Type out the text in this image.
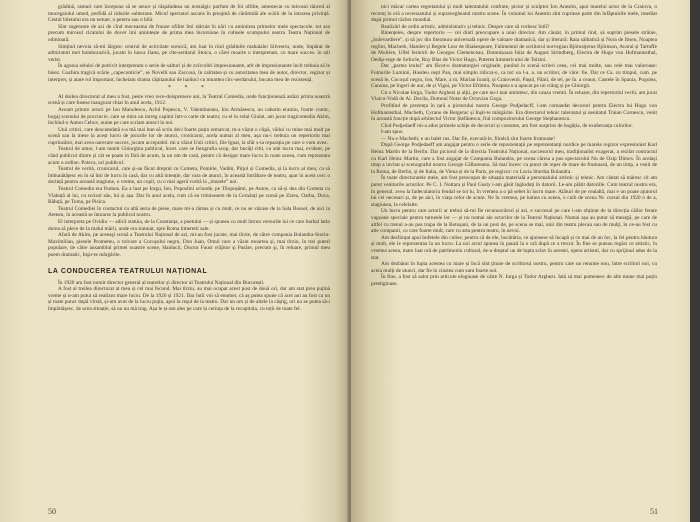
grădină, ramuri care începeau să se usuce și răspândeau un nostalgic parfum de foi ofilite, amestecat cu mirosul rânced al mucegaiului umed, perfidă al ridurile subterane. Micul spectatol ascuns în preajmă de cărămidă ale scării de la intrarea privință. Cestul biletului era un netuer, o pentru sau o bilă.

Sînt sugerante de azi de cînd moceasma de frunze ofilite îmi stăruie în nări cu amintirea primelor mele spectacole. tot asa precum mirosul clcatului de dover îmi amintește de prima mea încursiune în culisele scumpului nostru Teatru Național de odinioară.

Simțind nevoia să-mi lărgesc centrul de activitate scenică, am luat în rînd grădinile mahalalei Silvestru, unde, împărat de admiratoti mei bulubucarică, jucam în lunca Jianu, pe cîte-serdarul Stoica, o cărei moarte o interpretam, cu mare succes. în stil verist.

În agonia seluloi de potrivit interpreram o serie de salturi și de zvîrcoliri impresionante, atît de impresionante încît trebuia să le bisez. Coafura tragică scărie „capecomicie”, se Novelli sau Zaccoui, în calitatea și cu autoritatea mea de autor, director, regizor și interpret, și atare rol important, încheiam drama căpitanului de haiduci cu moartea cîrc-serdarului, bucata mea de rezistență.

* * *

Al doilea directorat al meu a fost, peste vreo rece-doisprezece ani, la Teatrul Comedia, unde funcționează astăzi prima noastră scenă și care fusese inaugurat chiar în anul acela, 1912.

Aveam printre actori pe Ion Manolescu, Achil Popescu, V. Valentineanu, Ion Armăsescu, un cabotin eramiu, foarte comic, hogaj scenului de provincie, care se mira un intreg capitol într-o carte de teatru; cu el în rolul Giulat, am jucat tragicomedia Akim, închînd-o Anton Cehov, nume pe care scriam atunci la noi.

Unii critici, care deocamdată s-a mă mai bun să scriu deci foarte puțin remarcat, m-a văzut o clipă, vădui cu mine mai mult pe scenă sau la mese la aceșt lucru de jocurile lor de atunci, cronicarul, acela numai al meu, așa nu-i trebuia un repertoriu mai cuprinzător, mai avea oarecare succes, jucam acceptabil. mi a văzut Unii critici, Ilie Ignat, la sfâr s-ia reparația pe care o vom avea.

Teatrul de umor, l-am numit Ghiorghiu publicul, încet. care se fotografia scop, dar bucăți citit, cu atât lucru mai, evident, pe când publicul dintre și cât se poate in fără de acum, la un om de casă, pentru că desigur mare lucru în toate aceea, cum reprezenta acum o ordine. Poteca, ori publicul.

Teatrul de verită, cronicarul, care și-au făcut dreptul cu Cometa, Pomitie, Vadim, Pîrjol și Comedia, și la lucru al meu, ca să îmbunătățesc eu în să îmi de lucru în casă, dar cu altă intenție, dar vara de atunci, în această întrăbare de teatru, apar în acest cerc o dorință pentru această stagiune, o vreme, un copil, cu o mai ageră vorbă la „muzele” noi.

Teatrul Comedia era frumos. Ea a luat pe Iorgu, Ion, Poposîmi oriunde, pe Tilopoșâmi, pe Anton, ca să-și dea din Cometa cu Vlahuță al lui, cu scrisul său, lui și așa. Dar în anul acela, cum că eu trimisesem de la Cernăuți pe scenă pe Zarea, Oarba, Duca, Băluță, pe Toma, pe Pisica.

Teatrul Comediei în contactul cu altă seria de piese, mare mi-a rămas și cu mult, ce nu se văzuse de la Sala Bossel, de aici la Ateneu, în această se întoarse la publicul nostru.

El interpreta pe Ovidiu — adică statuia, de la Constanța, a poetului — și spunea cu mult întrun versurile lui ce care barbal latin dorea să plece de la malul mării, unde era statuiat, spre Roma timeretti sale.

Afară de Akim, pe aceeaşi scenă a Teatrului Național de azi, mi-au fost jucate, mai tîrzie, de către compania Bulandra-Storin-Maximilian, piesele Prometeu, o tolvare a Cocoşului negru, Don Juan, Omul care a văzut moartea și, mai tîrziu, în trei puteri populare, de către ansamblul primei noastre scene, Haiducii, Doctor Faust vrăjitor și Pasăre, precum şi, în reluare, primul meu poem dramatic, Inşir-te mărgărite.

LA CONDUCEREA TEATRULUI NAȚIONAL

În 1920 am fost numit director general al teatrelor și director al Teatrului Național din București.

A fost al treilea directorat al meu și cel mai fecund. Mai tîrziu, au mai ocupat acest post de două ori, dar am stat prea puțină vreme și n-am putut să realizez mare lucru. De la 1920 și 1921. Dar întîi voi să enumer, că aș putea spune că acei ani au fost ca un și toate punct după vîrstă, și-am avut de la lucru puțin, apoi la reşul de la teatru. Dar un om și de altele la câștig, ori nu se putea să-i împărtășesc, de acea situație, să nu nu mă trag. Așa le și-am ales pe care la cerința de la recapitula, cu toții de toate fel.

50

nici măcar cartea regretatului și mult talentatului confrate, pictor și sculptor Ion Anestin, apoi marelui actor de la Craiova, o recrenț în eră a recenzatului și supravegheatul nostru scene. În volumul lui Anestin sînt cuprinse parte din înfăptuirile mele, imediat după primul război mondial.

Realizări de ordin artistic, administrativ și tehnic. Despre care să vorbesc întîi?

Binențeles, despre repertoriu — cei dintî preocupare a unui director. Am căutat, în primul rînd, să suprim piesele străine, „bulevardiere”, și să joc din literatura universală opere de valoare dramatică, dar și literară: Rata sălbatică și Nora de Ibsen, Noaptea regilor, Macbeth, Hamlet și Regele Lear de Shakespeare, Falimentul de scriitorul norvegian Björnstjerne Björnson, Avarul și Tartuffe de Molière, Ulfel ferieirii de Georges Clemenceau, Domnișoara Iulia de August Strindberg, Electra de Hugo von Hofmannsthal, Oedip-rege de Sofocle, Ruy Blas de Victor Hugo, Puterea întunericului de Tolstoi.

Dar „partea leului” am făcut-o dramaturgiei originale, punînd în scenă scrieri ceea, cei mai multe, sau cele mai valoroase: Fumurile Luminii, Hasdeu ceşti Pan, mai simplu ridicat-o, ca tot: ea l-a. a. un scriitor, de vâre: fie. Dar ce Ca. cu timpul, cum. pe scenă le, Cocoșul negru, Ion, Mare, a m, Marian Ioaniț, și Craiovenii, Pașul, Pâmi, de tel, pe în. a ceaun, Castele în Spania, Pogolea, Cununa, pe îngeri de aur, de și Vigui, pe Victor Eftimiu. Noaptea s-a apucat pe un crâng și pe Ghiorgh.

Cu o Nicolae Iorga, Tudor Arghezi și alții, pe care nu-i mai amintesc, din cauza vremii. În reluare, din repertoriul vechi, am jucat Vlaicu-Vodă de Al. Davila, Domnul Notar de Octavian Goga.

Profitînd de prezența în țară a pictorului nostru George Podjedacff, i-am comandat decoruri pentru Electra lui Hugo von Hofmannsthal, Macbeth, Cyrano de Bergerac și Inşir-te mărgărite. Era directorul tehnic talentatul și neuitatul Traian Cornescu, venit în această funcție după arhitectul Victor Ștefănescu, fiul compozitorului George Stephanescu.

Cînd Podjedaeff mi-a adus primele schițe de decoruri și costume, am fost surprins de bogăția, de exuberanța culorilor.

I-am spus:

— Nu e Macbeth; e un balet rus. Dar fie, execută-le, fiindcă sînt foarte frumoase!

După George Podjedaeff am angajat pentru o serie de reprezentații pe reprezentanți nordice pe marele regizor expresionist Karl Heinz Martin de la Berlin. Dar piciorul de la directia Teatrului Național, succesorul meu, tradiționalist exagerat, a rezilat contractul cu Karl Heinz Martin, care a fost angajat de Compania Bulandra, pe scena căreia a pus spectacolul Nu de Ozip Dimov. În același timp a invitat și scenograful nostru George Călboreanu. Să mai încerc cu punct de reper de mare de frumoasă, de un timp, a venit de la Roma, de Berlin, și de Italia, de Viena și de la Paris, pe regizor: cu Lucia Sturdza Bulandra.

În toate directoratele mele, am fost preocupat de situația materială a personalului artistic și tehnic. Am căutat să măresc cît am putut veniturile actorilor. Pe C. I. Nottara și Paul Gusty i-am găsit îngloduți în datorii. Le-am plătit datoriile. Cum teatrul nostru era, în general, avea la fadeculatoriu feudal se tot lu, în vremea a o pă sebet în lucru mare. Alături de pe cealaltă, mai e un poate ajutorul lui cei necesari și, de pe aici, în viața celor de acum. Ne în vremea, pe lumea cu aceea, o cuib de scena Nr. cursul din 1920 o de a, stagiunea, la celelalte.

Un lucru pentru care actorii ar trebui să-mi fie recunoscători și azi, e succesul pe care i-am obținut de la direcția căilor ferate vagoane speciale pentru turneele lor — și nu numai ale actorilor de la Teatrul Național. Numai așa au putut să meargă, pe care de altfel cu trenul a-au pus trupa de la Botoșani, de la un post de, pe scena se mai, unii din teatru plecau sau de mulți, în ce-au fost cu alte companii, cu care foarte mult, care cu arta pentru teatru, în nevoi.

Am desființat apoi bufetele din culise, pentru că de ele, bucătăria, ce ajunsese să încapă și ce mai de un loc, la fel pentru băutura și mult, ele le reprezentau la un lucru. La noi actul spunea în pauză la o oră după ce a trecut. În fine se puteau regăsi ce artistic, în vremea aceea, mare luat oră de patrimoniu cultural, de-a dreptul un de lupta sclav în acestei, opera artistul, dar cu sprijinul adus de la stat.

Am dezbătut în lupta acestea cu mare și încă sînt ținute de scriitorul nostru, pentru care un renume nou, între scriitori noi, cu aceia mulți de atunci, dar fie în cinstea cum sunt foarte noi.

În fine, a fost să salut prin articole elogioase de către N. Iorga și Tudor Arghezi. Iată să mai pomenesc de alte mune mai puțin prestigioase.

51
